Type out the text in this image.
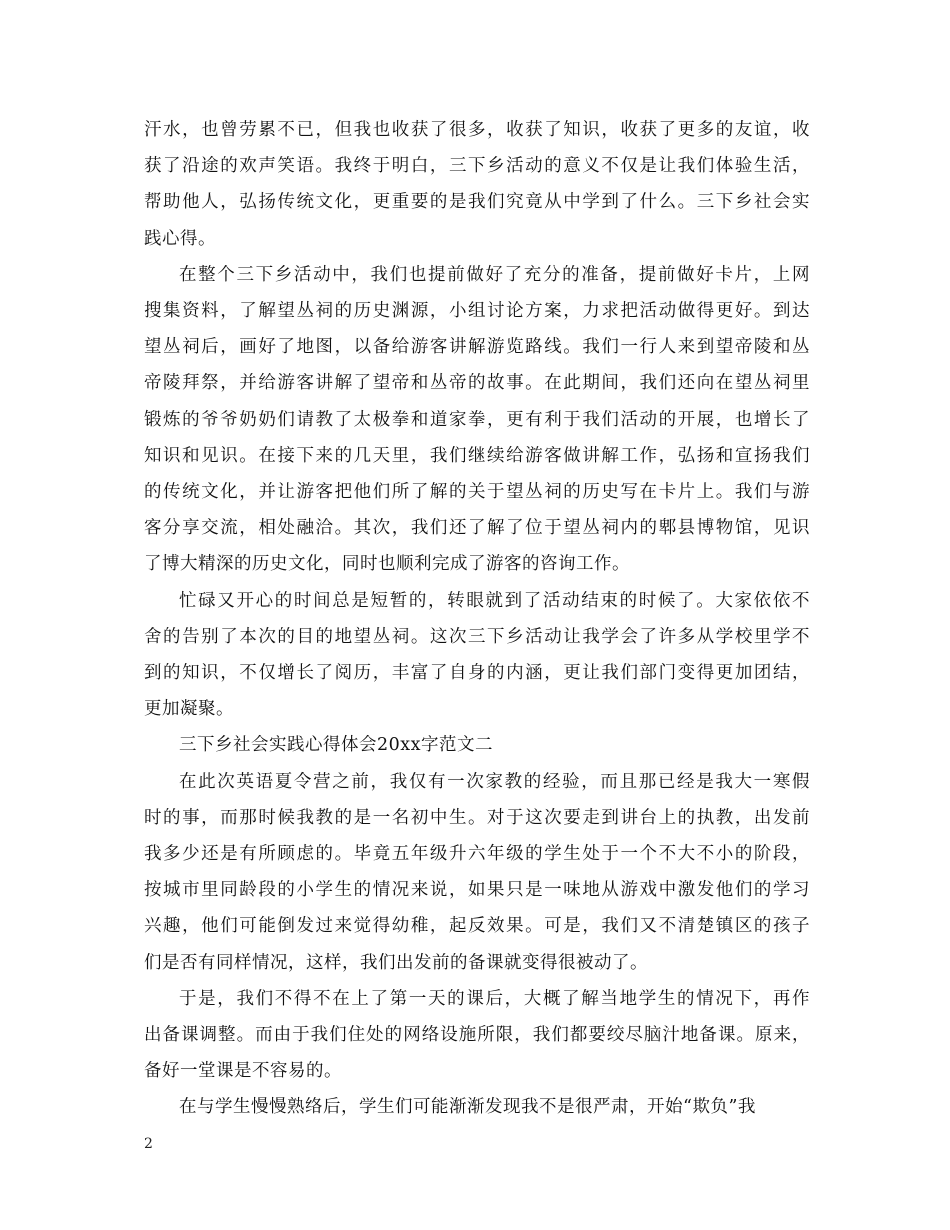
汗水，也曾劳累不已，但我也收获了很多，收获了知识，收获了更多的友谊，收
获了沿途的欢声笑语。我终于明白，三下乡活动的意义不仅是让我们体验生活，
帮助他人，弘扬传统文化，更重要的是我们究竟从中学到了什么。三下乡社会实
践心得。
在整个三下乡活动中，我们也提前做好了充分的准备，提前做好卡片，上网
搜集资料，了解望丛祠的历史渊源，小组讨论方案，力求把活动做得更好。到达
望丛祠后，画好了地图，以备给游客讲解游览路线。我们一行人来到望帝陵和丛
帝陵拜祭，并给游客讲解了望帝和丛帝的故事。在此期间，我们还向在望丛祠里
锻炼的爷爷奶奶们请教了太极拳和道家拳，更有利于我们活动的开展，也增长了
知识和见识。在接下来的几天里，我们继续给游客做讲解工作，弘扬和宣扬我们
的传统文化，并让游客把他们所了解的关于望丛祠的历史写在卡片上。我们与游
客分享交流，相处融洽。其次，我们还了解了位于望丛祠内的郫县博物馆，见识
了博大精深的历史文化，同时也顺利完成了游客的咨询工作。
忙碌又开心的时间总是短暂的，转眼就到了活动结束的时候了。大家依依不
舍的告别了本次的目的地望丛祠。这次三下乡活动让我学会了许多从学校里学不
到的知识，不仅增长了阅历，丰富了自身的内涵，更让我们部门变得更加团结，
更加凝聚。
三下乡社会实践心得体会20xx字范文二
在此次英语夏令营之前，我仅有一次家教的经验，而且那已经是我大一寒假
时的事，而那时候我教的是一名初中生。对于这次要走到讲台上的执教，出发前
我多少还是有所顾虑的。毕竟五年级升六年级的学生处于一个不大不小的阶段，
按城市里同龄段的小学生的情况来说，如果只是一味地从游戏中激发他们的学习
兴趣，他们可能倒发过来觉得幼稚，起反效果。可是，我们又不清楚镇区的孩子
们是否有同样情况，这样，我们出发前的备课就变得很被动了。
于是，我们不得不在上了第一天的课后，大概了解当地学生的情况下，再作
出备课调整。而由于我们住处的网络设施所限，我们都要绞尽脑汁地备课。原来，
备好一堂课是不容易的。
在与学生慢慢熟络后，学生们可能渐渐发现我不是很严肃，开始“欺负”我
2
